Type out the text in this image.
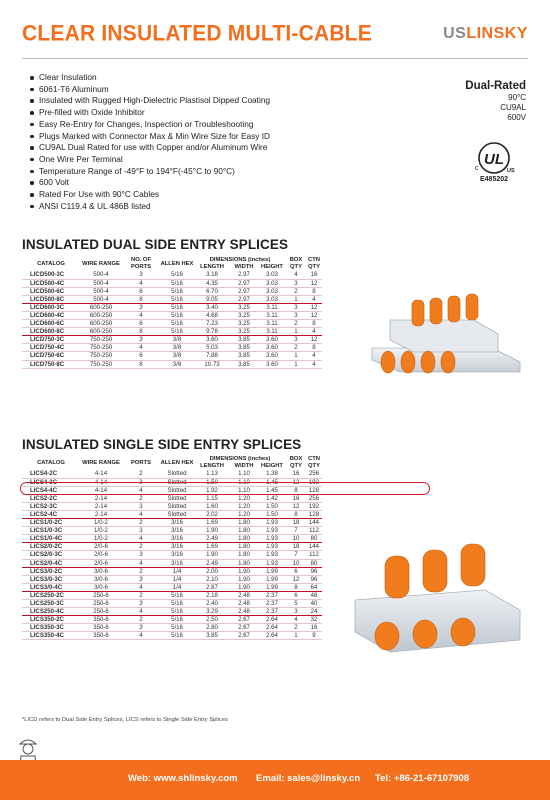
CLEAR INSULATED MULTI-CABLE	USLINSKY
Clear Insulation
6061-T6 Aluminum
Insulated with Rugged High-Dielectric Plastisol Dipped Coating
Pre-filled with Oxide Inhibitor
Easy Re-Entry for Changes, Inspection or Troubleshooting
Plugs Marked with Connector Max & Min Wire Size for Easy ID
CU9AL Dual Rated for use with Copper and/or Aluminum Wire
One Wire Per Terminal
Temperature Range of -49°F to 194°F(-45°C to 90°C)
600 Volt
Rated For Use with 90°C Cables
ANSI C119.4 & UL 486B listed
Dual-Rated
90°C
CU9AL
600V
UL
c	US
E485202
INSULATED DUAL SIDE ENTRY SPLICES
CATALOG	WIRE RANGE	NO. OF PORTS	ALLEN HEX	DIMENSIONS (inches)			BOX QTY	CTN QTY
				LENGTH	WIDTH	HEIGHT		
LICD500-3C	500-4	3	5/16	3.18	2.97	3.03	4	16
LICD500-4C	500-4	4	5/16	4.35	2.97	3.03	3	12
LICD500-6C	500-4	6	5/16	6.70	2.97	3.03	2	8
LICD500-8C	500-4	8	5/16	9.05	2.97	3.03	1	4
LICD600-3C	600-250	3	5/16	3.40	3.25	3.11	3	12
LICD600-4C	600-250	4	5/16	4.68	3.25	3.11	3	12
LICD600-6C	600-250	6	5/16	7.23	3.25	3.11	2	8
LICD600-8C	600-250	8	5/16	9.78	3.25	3.11	1	4
LICD750-3C	750-250	3	3/8	3.60	3.85	3.60	3	12
LICD750-4C	750-250	4	3/8	5.03	3.85	3.60	2	8
LICD750-6C	750-250	6	3/8	7.88	3.85	3.60	1	4
LICD750-8C	750-250	8	3/8	10.73	3.85	3.60	1	4
INSULATED SINGLE SIDE ENTRY SPLICES
CATALOG	WIRE RANGE	PORTS	ALLEN HEX	DIMENSIONS (inches)			BOX QTY	CTN QTY
				LENGTH	WIDTH	HEIGHT		
LICS4-2C	4-14	2	Slotted	1.13	1.10	1.38	16	256
LICS4-3C	4-14	3	Slotted	1.50	1.10	1.45	12	192
LICS4-4C	4-14	4	Slotted	1.92	1.10	1.45	8	128
LICS2-2C	2-14	2	Slotted	1.15	1.20	1.42	16	256
LICS2-3C	2-14	3	Slotted	1.60	1.20	1.50	12	192
LICS2-4C	2-14	4	Slotted	2.02	1.20	1.50	8	128
LICS1/0-2C	1/0-2	2	3/16	1.69	1.80	1.93	18	144
LICS1/0-3C	1/0-2	3	3/16	1.90	1.80	1.93	7	112
LICS1/0-4C	1/0-2	4	3/16	2.49	1.80	1.93	10	80
LICS2/0-2C	2/0-6	2	3/16	1.69	1.80	1.93	18	144
LICS2/0-3C	2/0-6	3	3/16	1.90	1.80	1.93	7	112
LICS2/0-4C	2/0-6	4	3/16	2.49	1.80	1.93	10	80
LICS3/0-2C	3/0-6	2	1/4	2.00	1.90	1.99	6	96
LICS3/0-3C	3/0-6	3	1/4	2.10	1.90	1.99	12	96
LICS3/0-4C	3/0-6	4	1/4	2.87	1.90	1.99	8	64
LICS250-2C	250-6	2	5/16	2.18	2.48	2.37	6	48
LICS250-3C	250-6	3	5/16	2.40	2.48	2.37	5	40
LICS250-4C	250-6	4	5/16	3.29	2.48	2.37	3	24
LICS350-2C	350-6	2	5/16	2.50	2.67	2.64	4	32
LICS350-3C	350-6	3	5/16	2.80	2.67	2.64	2	16
LICS350-4C	350-6	4	5/16	3.85	2.67	2.64	1	9
*LICD refers to Dual Side Entry Splices, LICS refers to Single Side Entry Splices
Web: www.shlinsky.com Email: sales@linsky.cn Tel: +86-21-67107908
